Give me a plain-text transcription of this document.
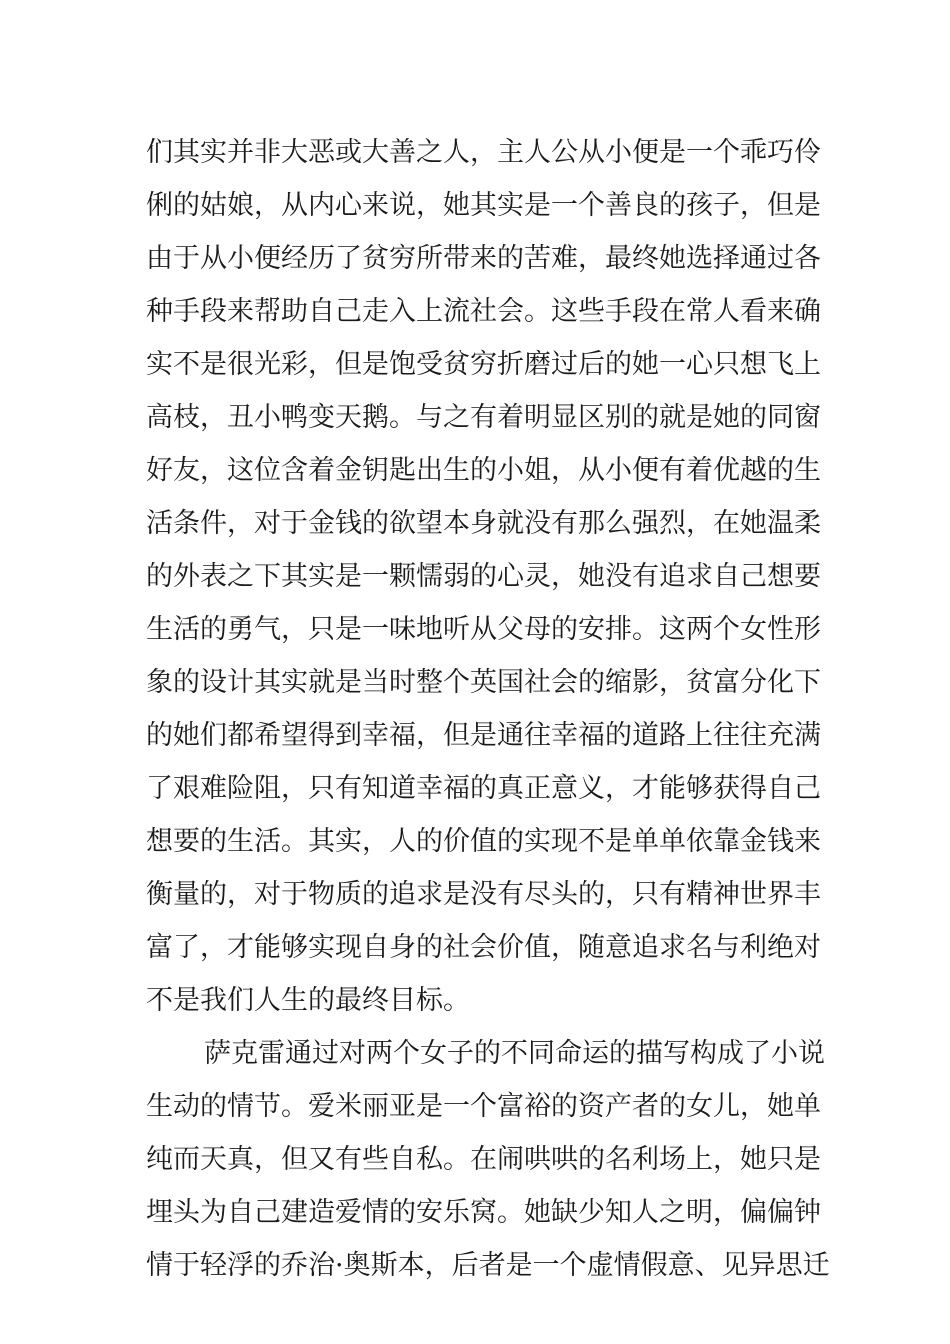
们其实并非大恶或大善之人，主人公从小便是一个乖巧伶
俐的姑娘，从内心来说，她其实是一个善良的孩子，但是
由于从小便经历了贫穷所带来的苦难，最终她选择通过各
种手段来帮助自己走入上流社会。这些手段在常人看来确
实不是很光彩，但是饱受贫穷折磨过后的她一心只想飞上
高枝，丑小鸭变天鹅。与之有着明显区别的就是她的同窗
好友，这位含着金钥匙出生的小姐，从小便有着优越的生
活条件，对于金钱的欲望本身就没有那么强烈，在她温柔
的外表之下其实是一颗懦弱的心灵，她没有追求自己想要
生活的勇气，只是一味地听从父母的安排。这两个女性形
象的设计其实就是当时整个英国社会的缩影，贫富分化下
的她们都希望得到幸福，但是通往幸福的道路上往往充满
了艰难险阻，只有知道幸福的真正意义，才能够获得自己
想要的生活。其实，人的价值的实现不是单单依靠金钱来
衡量的，对于物质的追求是没有尽头的，只有精神世界丰
富了，才能够实现自身的社会价值，随意追求名与利绝对
不是我们人生的最终目标。
萨克雷通过对两个女子的不同命运的描写构成了小说
生动的情节。爱米丽亚是一个富裕的资产者的女儿，她单
纯而天真，但又有些自私。在闹哄哄的名利场上，她只是
埋头为自己建造爱情的安乐窝。她缺少知人之明，偏偏钟
情于轻浮的乔治·奥斯本，后者是一个虚情假意、见异思迁
